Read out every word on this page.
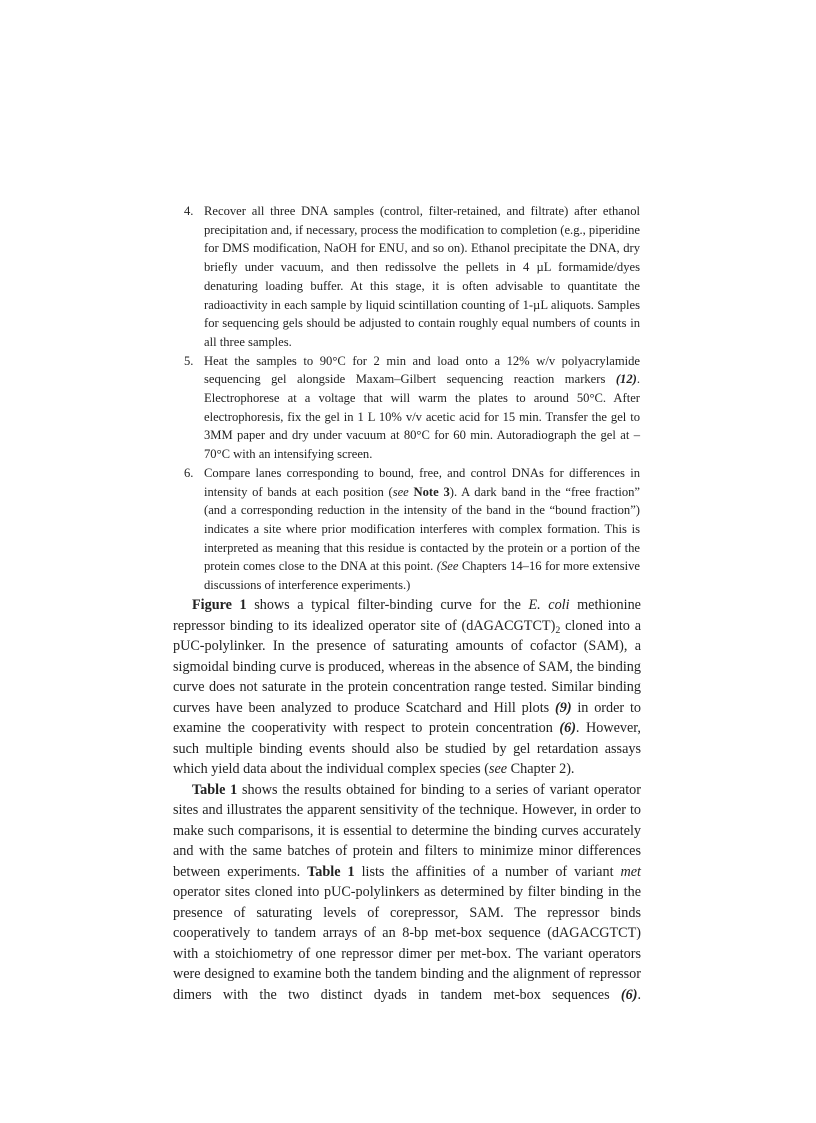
4. Recover all three DNA samples (control, filter-retained, and filtrate) after ethanol precipitation and, if necessary, process the modification to completion (e.g., piperidine for DMS modification, NaOH for ENU, and so on). Ethanol precipitate the DNA, dry briefly under vacuum, and then redissolve the pellets in 4 µL formamide/dyes denaturing loading buffer. At this stage, it is often advisable to quantitate the radioactivity in each sample by liquid scintillation counting of 1-µL aliquots. Samples for sequencing gels should be adjusted to contain roughly equal numbers of counts in all three samples.
5. Heat the samples to 90°C for 2 min and load onto a 12% w/v polyacrylamide sequencing gel alongside Maxam–Gilbert sequencing reaction markers (12). Electrophorese at a voltage that will warm the plates to around 50°C. After electrophoresis, fix the gel in 1 L 10% v/v acetic acid for 15 min. Transfer the gel to 3MM paper and dry under vacuum at 80°C for 60 min. Autoradiograph the gel at –70°C with an intensifying screen.
6. Compare lanes corresponding to bound, free, and control DNAs for differences in intensity of bands at each position (see Note 3). A dark band in the “free fraction” (and a corresponding reduction in the intensity of the band in the “bound fraction”) indicates a site where prior modification interferes with complex formation. This is interpreted as meaning that this residue is contacted by the protein or a portion of the protein comes close to the DNA at this point. (See Chapters 14–16 for more extensive discussions of interference experiments.)

Figure 1 shows a typical filter-binding curve for the E. coli methionine repressor binding to its idealized operator site of $(dAGACGTCT)_2$ cloned into a pUC-polylinker. In the presence of saturating amounts of cofactor (SAM), a sigmoidal binding curve is produced, whereas in the absence of SAM, the binding curve does not saturate in the protein concentration range tested. Similar binding curves have been analyzed to produce Scatchard and Hill plots (9) in order to examine the cooperativity with respect to protein concentration (6). However, such multiple binding events should also be studied by gel retardation assays which yield data about the individual complex species (see Chapter 2).

Table 1 shows the results obtained for binding to a series of variant operator sites and illustrates the apparent sensitivity of the technique. However, in order to make such comparisons, it is essential to determine the binding curves accurately and with the same batches of protein and filters to minimize minor differences between experiments. Table 1 lists the affinities of a number of variant met operator sites cloned into pUC-polylinkers as determined by filter binding in the presence of saturating levels of corepressor, SAM. The repressor binds cooperatively to tandem arrays of an 8-bp met-box sequence (dAGACGTCT) with a stoichiometry of one repressor dimer per met-box. The variant operators were designed to examine both the tandem binding and the alignment of repressor dimers with the two distinct dyads in tandem met-box sequences (6).
